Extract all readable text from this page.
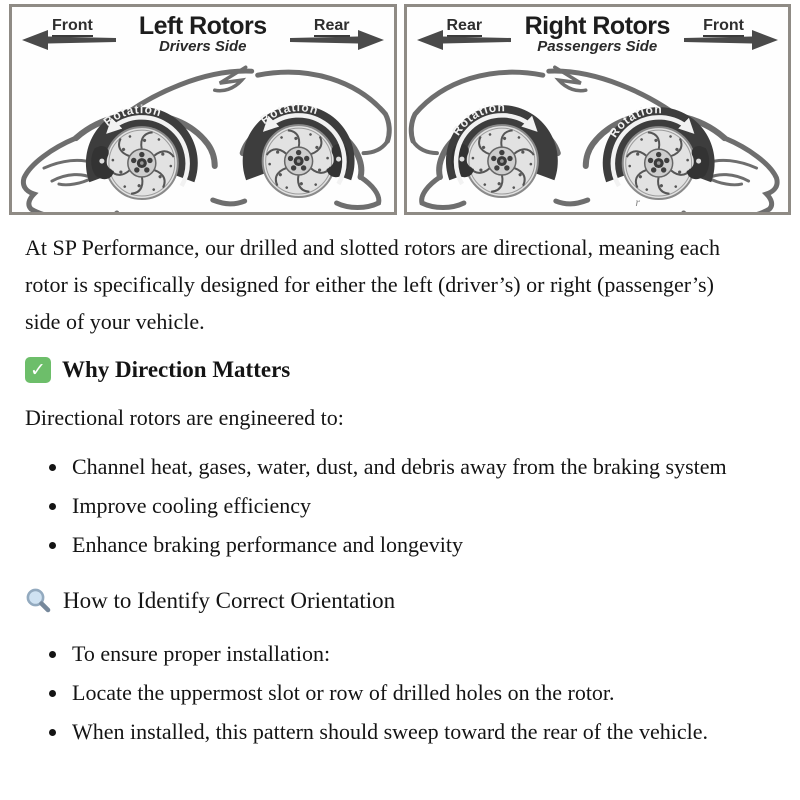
Front	Left Rotors
Drivers Side
Rear
Rotation	Rotation
Rear	Right Rotors
Passengers Side
Front
Rotation
Rotation
r

At SP Performance, our drilled and slotted rotors are directional, meaning each rotor is specifically designed for either the left (driver’s) or right (passenger’s) side of your vehicle.

✓ Why Direction Matters

Directional rotors are engineered to:

• Channel heat, gases, water, dust, and debris away from the braking system
• Improve cooling efficiency
• Enhance braking performance and longevity
How to Identify Correct Orientation
• To ensure proper installation:
• Locate the uppermost slot or row of drilled holes on the rotor.
• When installed, this pattern should sweep toward the rear of the vehicle.
